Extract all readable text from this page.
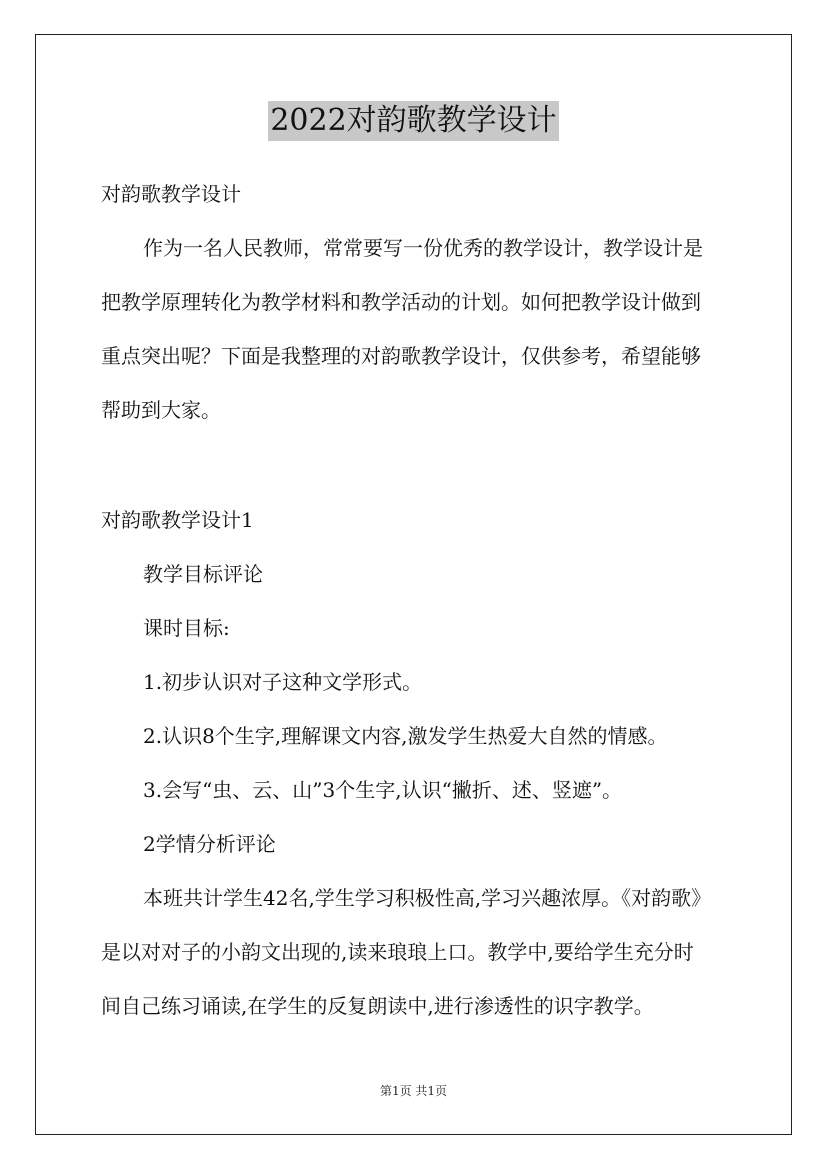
2022对韵歌教学设计
对韵歌教学设计
作为一名人民教师，常常要写一份优秀的教学设计，教学设计是
把教学原理转化为教学材料和教学活动的计划。如何把教学设计做到
重点突出呢？下面是我整理的对韵歌教学设计，仅供参考，希望能够
帮助到大家。
对韵歌教学设计1
教学目标评论
课时目标:
1.初步认识对子这种文学形式。
2.认识8个生字,理解课文内容,激发学生热爱大自然的情感。
3.会写“虫、云、山”3个生字,认识“撇折、述、竖遮”。
2学情分析评论
本班共计学生42名,学生学习积极性高,学习兴趣浓厚。《对韵歌》
是以对对子的小韵文出现的,读来琅琅上口。教学中,要给学生充分时
间自己练习诵读,在学生的反复朗读中,进行渗透性的识字教学。
第1页 共1页
